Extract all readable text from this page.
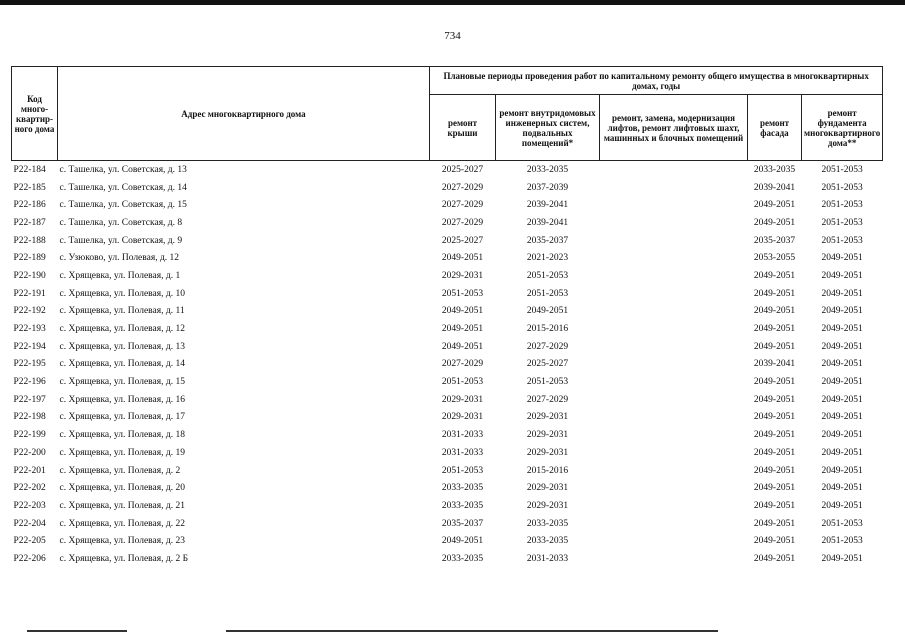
734
Код много-квартир-ного дома	Адрес многоквартирного дома	Плановые периоды проведения работ по капитальному ремонту общего имущества в многоквартирных домах, годы				
		ремонт крыши	ремонт внутридомовых инженерных систем, подвальных помещений*	ремонт, замена, модернизация лифтов, ремонт лифтовых шахт, машинных и блочных помещений	ремонт фасада	ремонт фундамента многоквартирного дома**
Р22-184	с. Ташелка, ул. Советская, д. 13	2025-2027	2033-2035		2033-2035	2051-2053
Р22-185	с. Ташелка, ул. Советская, д. 14	2027-2029	2037-2039		2039-2041	2051-2053
Р22-186	с. Ташелка, ул. Советская, д. 15	2027-2029	2039-2041		2049-2051	2051-2053
Р22-187	с. Ташелка, ул. Советская, д. 8	2027-2029	2039-2041		2049-2051	2051-2053
Р22-188	с. Ташелка, ул. Советская, д. 9	2025-2027	2035-2037		2035-2037	2051-2053
Р22-189	с. Узюково, ул. Полевая, д. 12	2049-2051	2021-2023		2053-2055	2049-2051
Р22-190	с. Хрящевка, ул. Полевая, д. 1	2029-2031	2051-2053		2049-2051	2049-2051
Р22-191	с. Хрящевка, ул. Полевая, д. 10	2051-2053	2051-2053		2049-2051	2049-2051
Р22-192	с. Хрящевка, ул. Полевая, д. 11	2049-2051	2049-2051		2049-2051	2049-2051
Р22-193	с. Хрящевка, ул. Полевая, д. 12	2049-2051	2015-2016		2049-2051	2049-2051
Р22-194	с. Хрящевка, ул. Полевая, д. 13	2049-2051	2027-2029		2049-2051	2049-2051
Р22-195	с. Хрящевка, ул. Полевая, д. 14	2027-2029	2025-2027		2039-2041	2049-2051
Р22-196	с. Хрящевка, ул. Полевая, д. 15	2051-2053	2051-2053		2049-2051	2049-2051
Р22-197	с. Хрящевка, ул. Полевая, д. 16	2029-2031	2027-2029		2049-2051	2049-2051
Р22-198	с. Хрящевка, ул. Полевая, д. 17	2029-2031	2029-2031		2049-2051	2049-2051
Р22-199	с. Хрящевка, ул. Полевая, д. 18	2031-2033	2029-2031		2049-2051	2049-2051
Р22-200	с. Хрящевка, ул. Полевая, д. 19	2031-2033	2029-2031		2049-2051	2049-2051
Р22-201	с. Хрящевка, ул. Полевая, д. 2	2051-2053	2015-2016		2049-2051	2049-2051
Р22-202	с. Хрящевка, ул. Полевая, д. 20	2033-2035	2029-2031		2049-2051	2049-2051
Р22-203	с. Хрящевка, ул. Полевая, д. 21	2033-2035	2029-2031		2049-2051	2049-2051
Р22-204	с. Хрящевка, ул. Полевая, д. 22	2035-2037	2033-2035		2049-2051	2051-2053
Р22-205	с. Хрящевка, ул. Полевая, д. 23	2049-2051	2033-2035		2049-2051	2051-2053
Р22-206	с. Хрящевка, ул. Полевая, д. 2 Б	2033-2035	2031-2033		2049-2051	2049-2051
